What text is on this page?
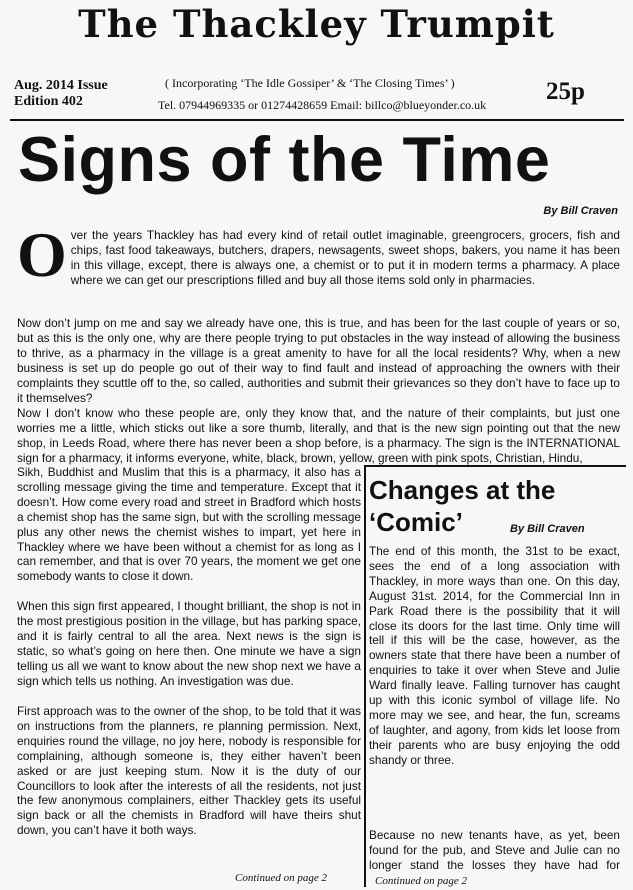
The Thackley Trumpit
Aug. 2014 Issue
Edition 402
( Incorporating ‘The Idle Gossiper’ & ‘The Closing Times’ )
Tel. 07944969335 or 01274428659 Email: billco@blueyonder.co.uk 25p
Signs of the Time
By Bill Craven
Over the years Thackley has had every kind of retail outlet imaginable, greengrocers, grocers, fish and chips, fast food takeaways, butchers, drapers, newsagents, sweet shops, bakers, you name it has been in this village, except, there is always one, a chemist or to put it in modern terms a pharmacy. A place where we can get our prescriptions filled and buy all those items sold only in pharmacies.
Now don’t jump on me and say we already have one, this is true, and has been for the last couple of years or so, but as this is the only one, why are there people trying to put obstacles in the way instead of allowing the business to thrive, as a pharmacy in the village is a great amenity to have for all the local residents? Why, when a new business is set up do people go out of their way to find fault and instead of approaching the owners with their complaints they scuttle off to the, so called, authorities and submit their grievances so they don’t have to face up to it themselves?
Now I don’t know who these people are, only they know that, and the nature of their complaints, but just one worries me a little, which sticks out like a sore thumb, literally, and that is the new sign pointing out that the new shop, in Leeds Road, where there has never been a shop before, is a pharmacy. The sign is the INTERNATIONAL sign for a pharmacy, it informs everyone, white, black, brown, yellow, green with pink spots, Christian, Hindu,
Sikh, Buddhist and Muslim that this is a pharmacy, it also has a scrolling message giving the time and temperature. Except that it doesn’t. How come every road and street in Bradford which hosts a chemist shop has the same sign, but with the scrolling message plus any other news the chemist wishes to impart, yet here in Thackley where we have been without a chemist for as long as I can remember, and that is over 70 years, the moment we get one somebody wants to close it down.
When this sign first appeared, I thought brilliant, the shop is not in the most prestigious position in the village, but has parking space, and it is fairly central to all the area. Next news is the sign is static, so what’s going on here then. One minute we have a sign telling us all we want to know about the new shop next we have a sign which tells us nothing. An investigation was due.
First approach was to the owner of the shop, to be told that it was on instructions from the planners, re planning permission. Next, enquiries round the village, no joy here, nobody is responsible for complaining, although someone is, they either haven’t been asked or are just keeping stum. Now it is the duty of our Councillors to look after the interests of all the residents, not just the few anonymous complainers, either Thackley gets its useful sign back or all the chemists in Bradford will have theirs shut down, you can’t have it both ways.
Continued on page 2
Changes at the
‘Comic’	By Bill Craven
The end of this month, the 31st to be exact, sees the end of a long association with Thackley, in more ways than one. On this day, August 31st. 2014, for the Commercial Inn in Park Road there is the possibility that it will close its doors for the last time. Only time will tell if this will be the case, however, as the owners state that there have been a number of enquiries to take it over when Steve and Julie Ward finally leave. Falling turnover has caught up with this iconic symbol of village life. No more may we see, and hear, the fun, screams of laughter, and agony, from kids let loose from their parents who are busy enjoying the odd shandy or three.
Because no new tenants have, as yet, been found for the pub, and Steve and Julie can no longer stand the losses they have had for Continued on page 2
